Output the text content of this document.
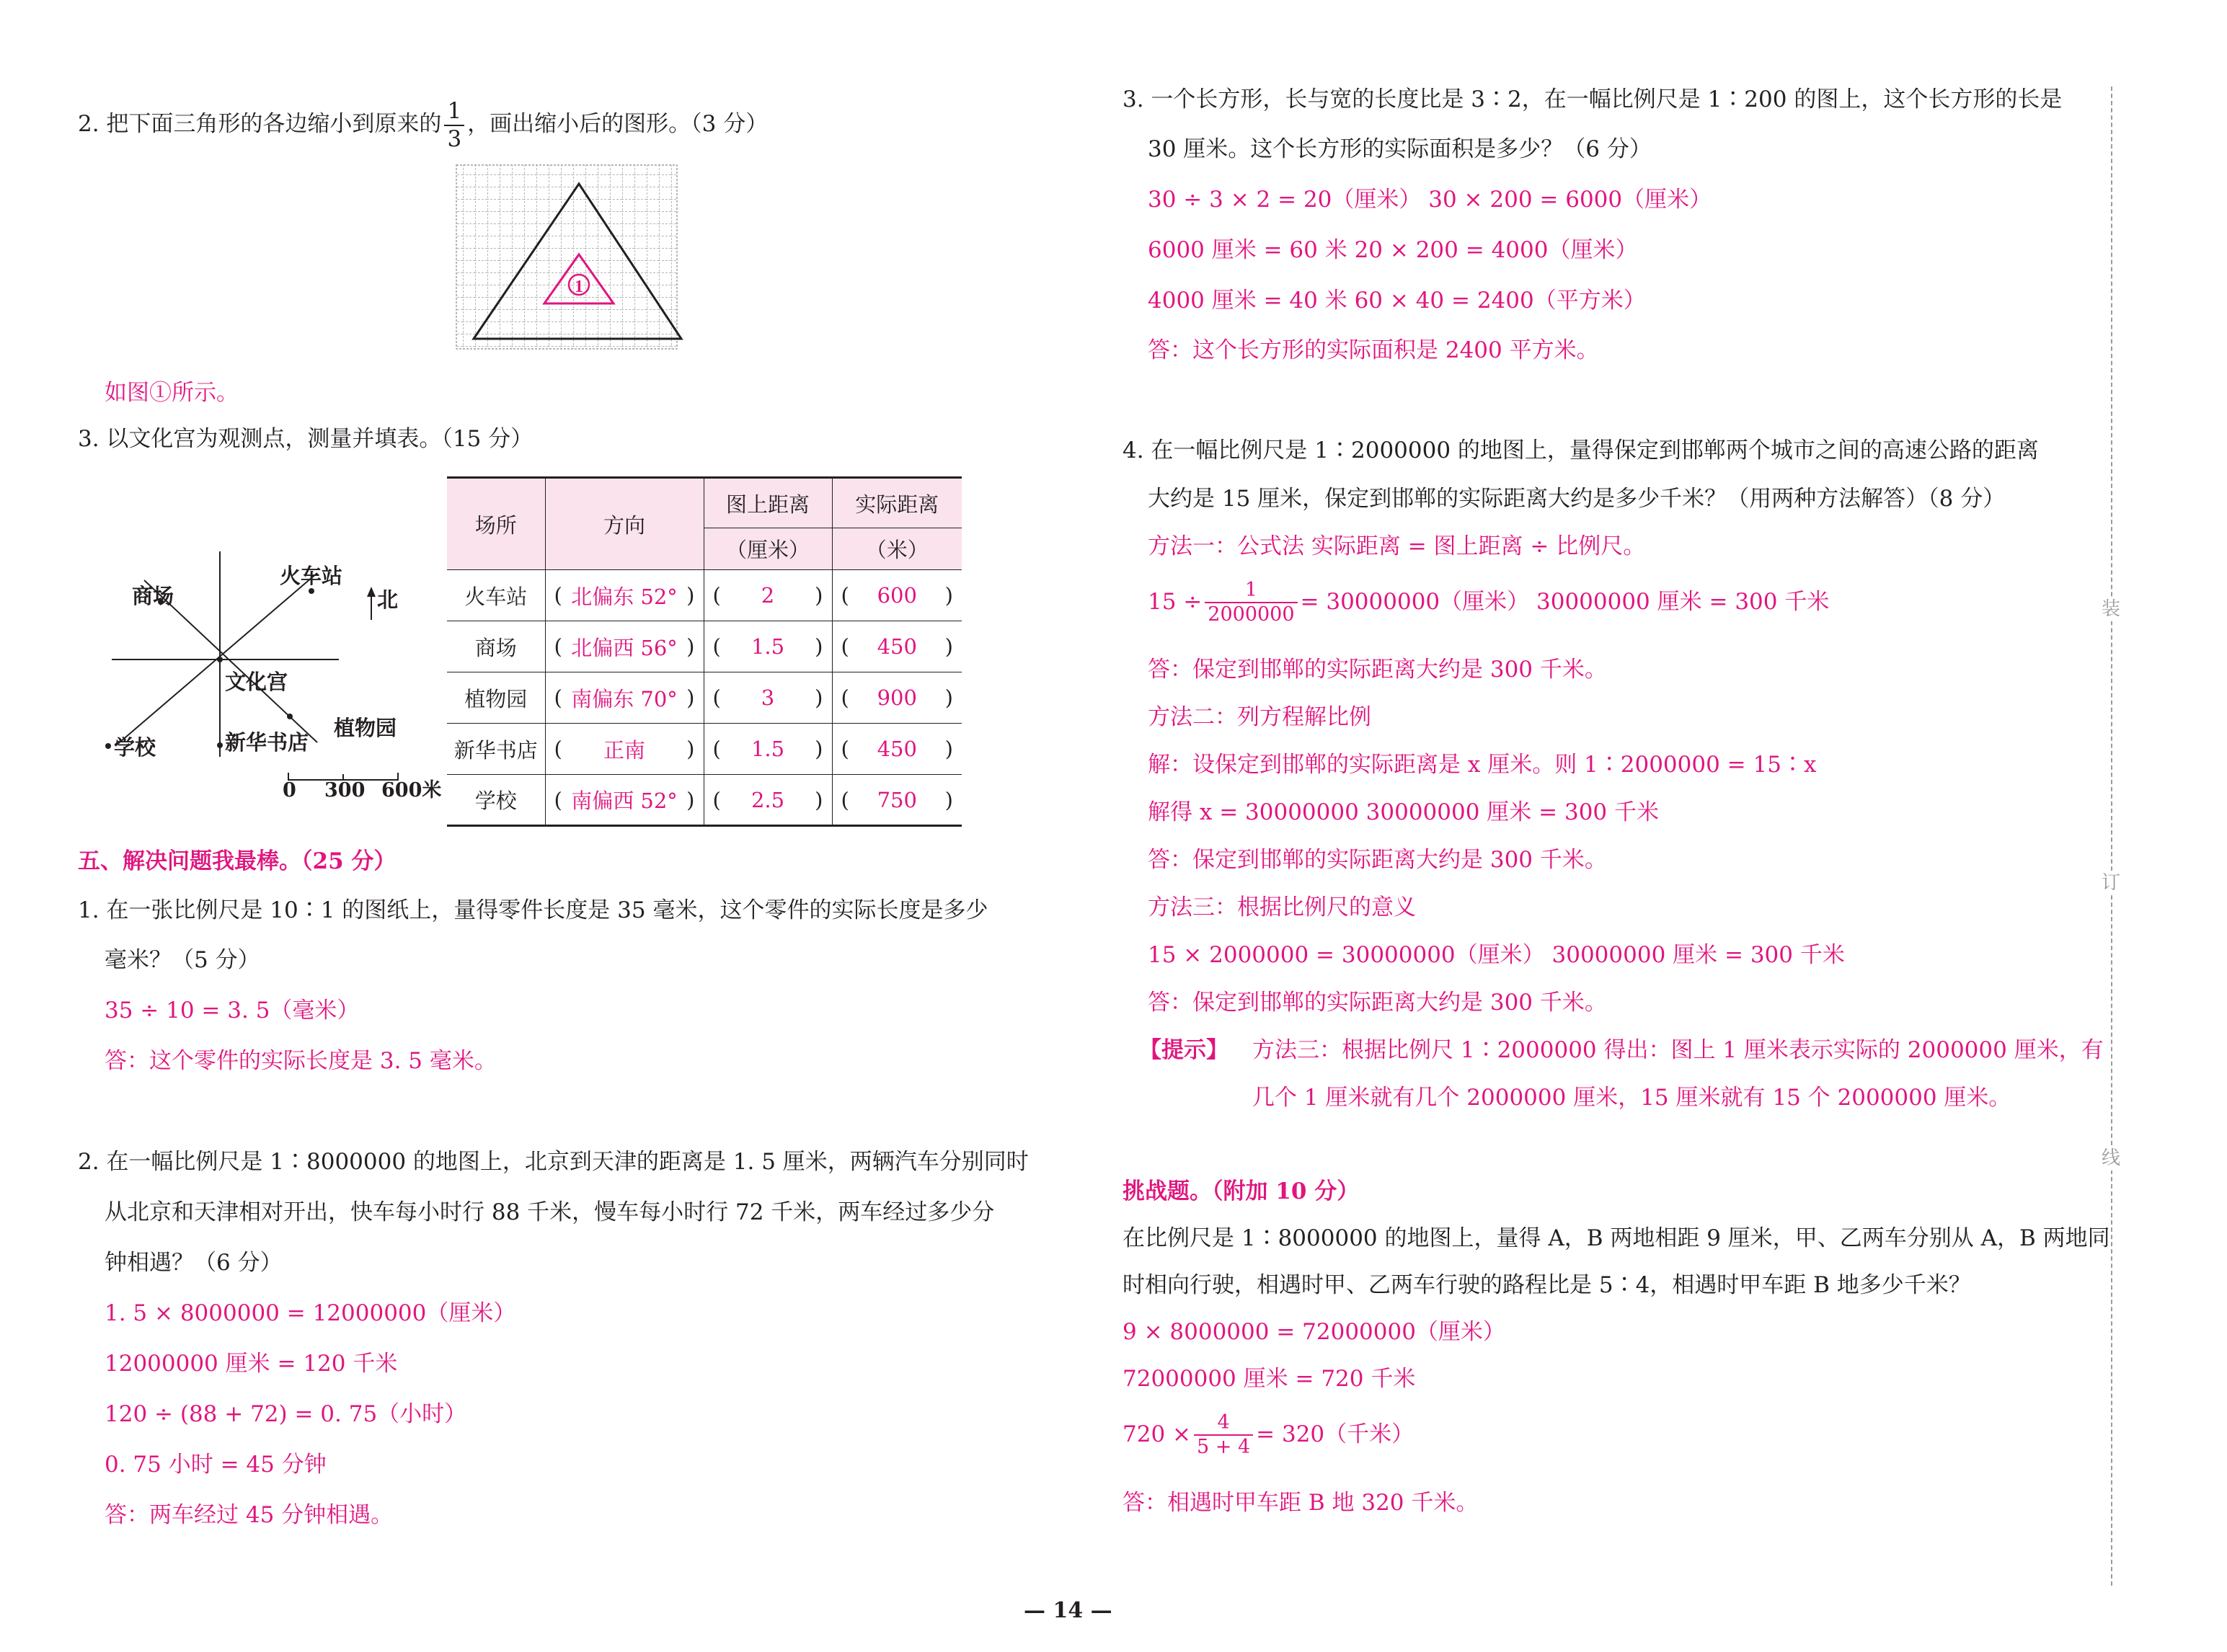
2. 把下面三角形的各边缩小到原来的 $\frac{1}{3}$ ，画出缩小后的图形。（3 分）
1
如图①所示。
3. 以文化宫为观测点，测量并填表。（15 分）
商场
火车站
北
文化宫
植物园
学校	新华书店
0 300 600米
场所	方向	图上距离	实际距离
		（厘米）	（米）
火车站	( 北偏东 52° )	( 2 )	( 600 )

商场	( 北偏西 56° )	( 1.5 )	( 450 )

植物园	( 南偏东 70° )	( 3 )	( 900 )

新华书店	( 正南 )	( 1.5 )	( 450 )

学校	( 南偏西 52° )	( 2.5 )	( 750 )
五、解决问题我最棒。（25 分）
1. 在一张比例尺是 10∶1 的图纸上，量得零件长度是 35 毫米，这个零件的实际长度是多少
毫米？（5 分）
35 ÷ 10 = 3. 5（毫米）
答：这个零件的实际长度是 3. 5 毫米。
2. 在一幅比例尺是 1∶8000000 的地图上，北京到天津的距离是 1. 5 厘米，两辆汽车分别同时
从北京和天津相对开出，快车每小时行 88 千米，慢车每小时行 72 千米，两车经过多少分
钟相遇？（6 分）
1. 5 × 8000000 = 12000000（厘米）
12000000 厘米 = 120 千米
120 ÷ (88 + 72) = 0. 75（小时）
0. 75 小时 = 45 分钟
答：两车经过 45 分钟相遇。
3. 一个长方形，长与宽的长度比是 3∶2，在一幅比例尺是 1∶200 的图上，这个长方形的长是
30 厘米。这个长方形的实际面积是多少？（6 分）
30 ÷ 3 × 2 = 20（厘米） 30 × 200 = 6000（厘米）
6000 厘米 = 60 米 20 × 200 = 4000（厘米）
4000 厘米 = 40 米 60 × 40 = 2400（平方米）
答：这个长方形的实际面积是 2400 平方米。
4. 在一幅比例尺是 1∶2000000 的地图上，量得保定到邯郸两个城市之间的高速公路的距离
大约是 15 厘米，保定到邯郸的实际距离大约是多少千米？（用两种方法解答）（8 分）
方法一：公式法 实际距离 = 图上距离 ÷ 比例尺。
$15 \div \frac{1}{2000000} = 30000000$（厘米） 30000000 厘米 = 300 千米
答：保定到邯郸的实际距离大约是 300 千米。
方法二：列方程解比例
解：设保定到邯郸的实际距离是 x 厘米。则 1∶2000000 = 15∶x
解得 x = 30000000 30000000 厘米 = 300 千米
答：保定到邯郸的实际距离大约是 300 千米。
方法三：根据比例尺的意义
15 × 2000000 = 30000000（厘米） 30000000 厘米 = 300 千米
答：保定到邯郸的实际距离大约是 300 千米。
【提示】 方法三：根据比例尺 1∶2000000 得出：图上 1 厘米表示实际的 2000000 厘米，有
几个 1 厘米就有几个 2000000 厘米，15 厘米就有 15 个 2000000 厘米。
挑战题。（附加 10 分）
在比例尺是 1∶8000000 的地图上，量得 A，B 两地相距 9 厘米，甲、乙两车分别从 A，B 两地同
时相向行驶，相遇时甲、乙两车行驶的路程比是 5∶4，相遇时甲车距 B 地多少千米？
9 × 8000000 = 72000000（厘米）
72000000 厘米 = 720 千米
$720 \times \frac{4}{5 + 4} = 320$（千米）
答：相遇时甲车距 B 地 320 千米。
装
订
线
— 14 —
